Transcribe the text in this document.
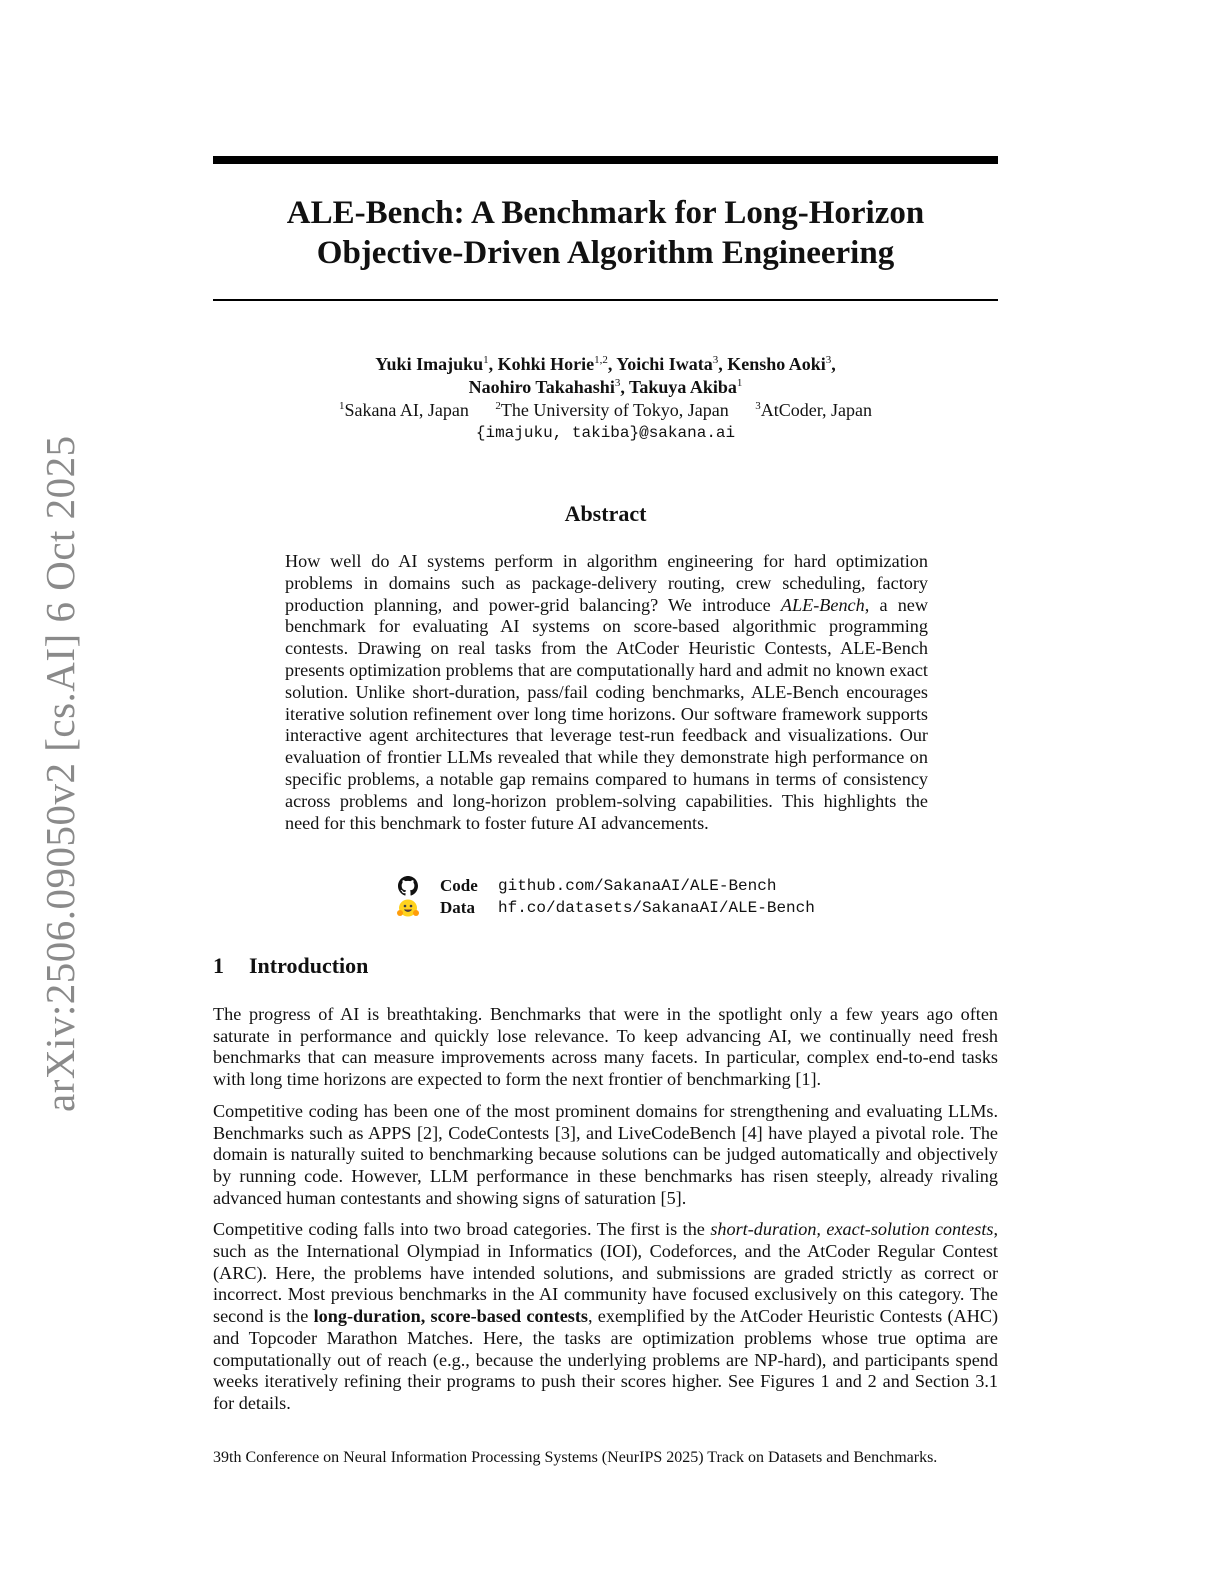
arXiv:2506.09050v2 [cs.AI] 6 Oct 2025
ALE-Bench: A Benchmark for Long-Horizon
Objective-Driven Algorithm Engineering
Yuki Imajuku$^1$, Kohki Horie$^{1,2}$, Yoichi Iwata$^3$, Kensho Aoki$^3$,
Naohiro Takahashi$^3$, Takuya Akiba$^1$
$^1$Sakana AI, Japan $^2$The University of Tokyo, Japan $^3$AtCoder, Japan
{imajuku, takiba}@sakana.ai
Abstract

How well do AI systems perform in algorithm engineering for hard optimization problems in domains such as package-delivery routing, crew scheduling, factory production planning, and power-grid balancing? We introduce ALE-Bench, a new benchmark for evaluating AI systems on score-based algorithmic programming contests. Drawing on real tasks from the AtCoder Heuristic Contests, ALE-Bench presents optimization problems that are computationally hard and admit no known exact solution. Unlike short-duration, pass/fail coding benchmarks, ALE-Bench encourages iterative solution refinement over long time horizons. Our software framework supports interactive agent architectures that leverage test-run feedback and visualizations. Our evaluation of frontier LLMs revealed that while they demonstrate high performance on specific problems, a notable gap remains compared to humans in terms of consistency across problems and long-horizon problem-solving capabilities. This highlights the need for this benchmark to foster future AI advancements.

Code	github.com/SakanaAI/ALE-Bench
Data	hf.co/datasets/SakanaAI/ALE-Bench
1 Introduction

The progress of AI is breathtaking. Benchmarks that were in the spotlight only a few years ago often saturate in performance and quickly lose relevance. To keep advancing AI, we continually need fresh benchmarks that can measure improvements across many facets. In particular, complex end-to-end tasks with long time horizons are expected to form the next frontier of benchmarking [1].

Competitive coding has been one of the most prominent domains for strengthening and evaluating LLMs. Benchmarks such as APPS [2], CodeContests [3], and LiveCodeBench [4] have played a pivotal role. The domain is naturally suited to benchmarking because solutions can be judged automatically and objectively by running code. However, LLM performance in these benchmarks has risen steeply, already rivaling advanced human contestants and showing signs of saturation [5].

Competitive coding falls into two broad categories. The first is the short-duration, exact-solution contests, such as the International Olympiad in Informatics (IOI), Codeforces, and the AtCoder Regular Contest (ARC). Here, the problems have intended solutions, and submissions are graded strictly as correct or incorrect. Most previous benchmarks in the AI community have focused exclusively on this category. The second is the long-duration, score-based contests, exemplified by the AtCoder Heuristic Contests (AHC) and Topcoder Marathon Matches. Here, the tasks are optimization problems whose true optima are computationally out of reach (e.g., because the underlying problems are NP-hard), and participants spend weeks iteratively refining their programs to push their scores higher. See Figures 1 and 2 and Section 3.1 for details.

39th Conference on Neural Information Processing Systems (NeurIPS 2025) Track on Datasets and Benchmarks.
